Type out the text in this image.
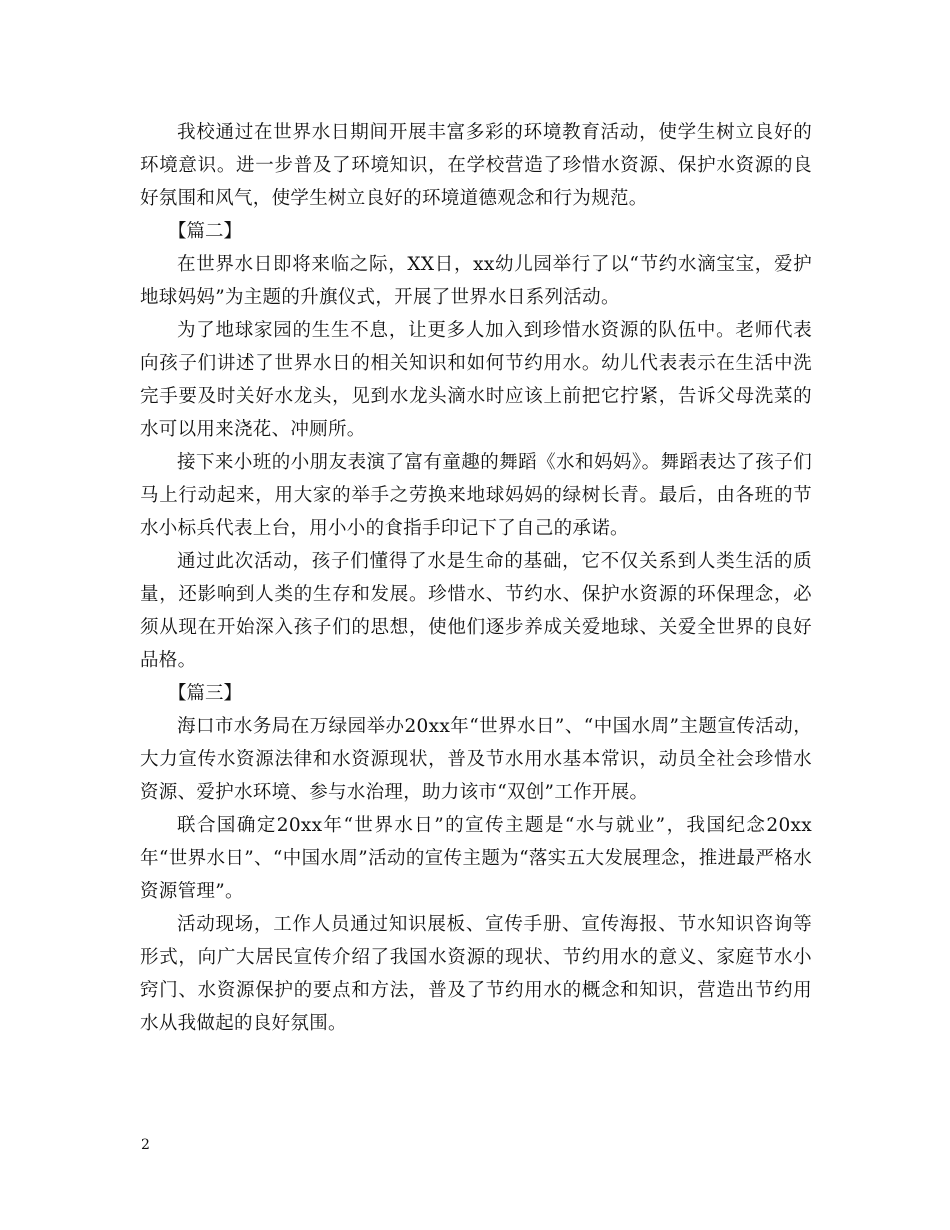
我校通过在世界水日期间开展丰富多彩的环境教育活动，使学生树立良好的环境意识。进一步普及了环境知识，在学校营造了珍惜水资源、保护水资源的良好氛围和风气，使学生树立良好的环境道德观念和行为规范。

【篇二】

在世界水日即将来临之际，XX日，xx幼儿园举行了以“节约水滴宝宝，爱护地球妈妈”为主题的升旗仪式，开展了世界水日系列活动。

为了地球家园的生生不息，让更多人加入到珍惜水资源的队伍中。老师代表向孩子们讲述了世界水日的相关知识和如何节约用水。幼儿代表表示在生活中洗完手要及时关好水龙头，见到水龙头滴水时应该上前把它拧紧，告诉父母洗菜的水可以用来浇花、冲厕所。

接下来小班的小朋友表演了富有童趣的舞蹈《水和妈妈》。舞蹈表达了孩子们马上行动起来，用大家的举手之劳换来地球妈妈的绿树长青。最后，由各班的节水小标兵代表上台，用小小的食指手印记下了自己的承诺。

通过此次活动，孩子们懂得了水是生命的基础，它不仅关系到人类生活的质量，还影响到人类的生存和发展。珍惜水、节约水、保护水资源的环保理念，必须从现在开始深入孩子们的思想，使他们逐步养成关爱地球、关爱全世界的良好品格。

【篇三】

海口市水务局在万绿园举办20xx年“世界水日”、“中国水周”主题宣传活动，大力宣传水资源法律和水资源现状，普及节水用水基本常识，动员全社会珍惜水资源、爱护水环境、参与水治理，助力该市“双创”工作开展。

联合国确定20xx年“世界水日”的宣传主题是“水与就业”，我国纪念20xx年“世界水日”、“中国水周”活动的宣传主题为“落实五大发展理念，推进最严格水资源管理”。

活动现场，工作人员通过知识展板、宣传手册、宣传海报、节水知识咨询等形式，向广大居民宣传介绍了我国水资源的现状、节约用水的意义、家庭节水小窍门、水资源保护的要点和方法，普及了节约用水的概念和知识，营造出节约用水从我做起的良好氛围。

2
